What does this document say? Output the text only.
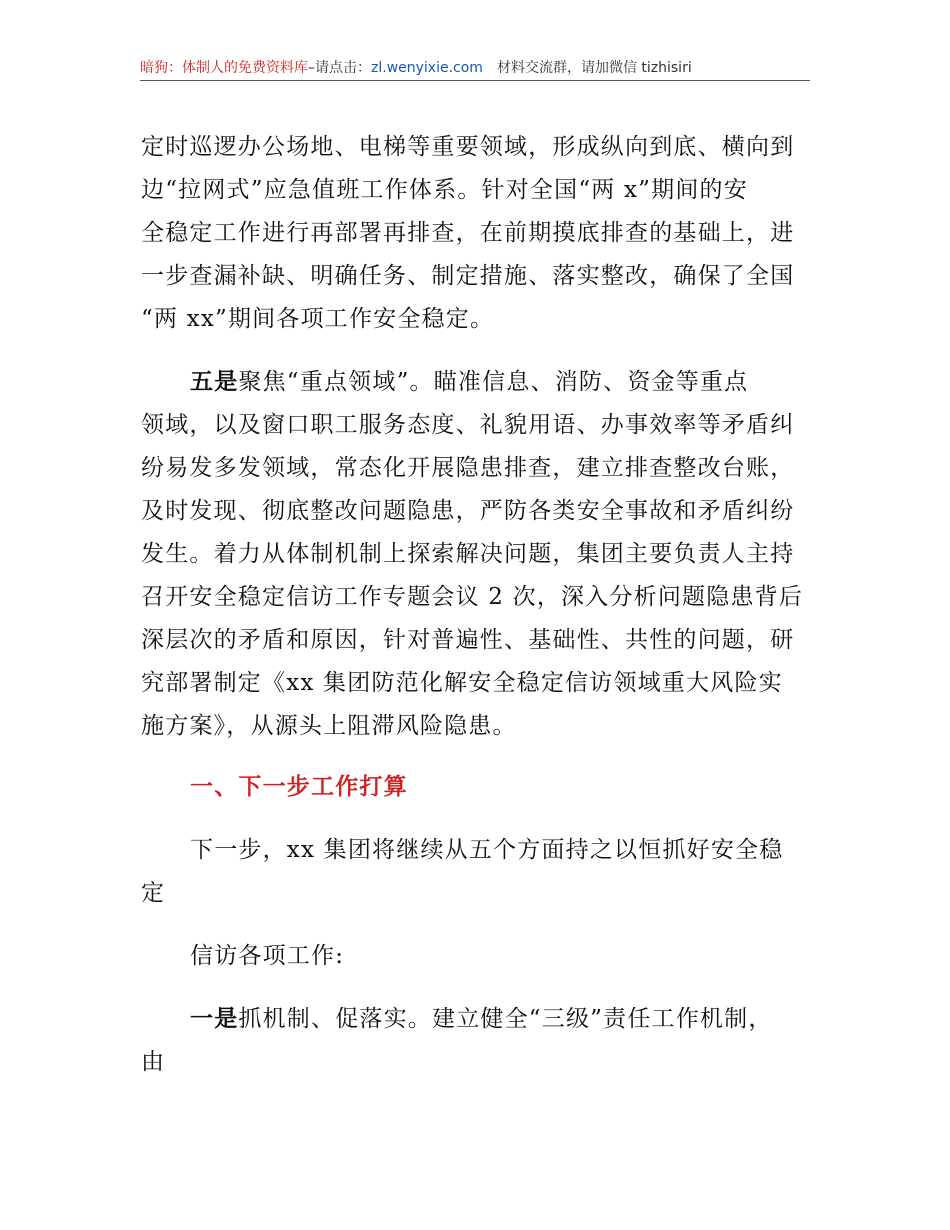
暗狗：体制人的免费资料库–请点击：zl.wenyixie.com 材料交流群，请加微信 tizhisiri

定时巡逻办公场地、电梯等重要领域，形成纵向到底、横向到
边“拉网式”应急值班工作体系。针对全国“两 x”期间的安
全稳定工作进行再部署再排查，在前期摸底排查的基础上，进
一步查漏补缺、明确任务、制定措施、落实整改，确保了全国
“两 xx”期间各项工作安全稳定。

五是聚焦“重点领域”。瞄准信息、消防、资金等重点
领域，以及窗口职工服务态度、礼貌用语、办事效率等矛盾纠
纷易发多发领域，常态化开展隐患排查，建立排查整改台账，
及时发现、彻底整改问题隐患，严防各类安全事故和矛盾纠纷
发生。着力从体制机制上探索解决问题，集团主要负责人主持
召开安全稳定信访工作专题会议 2 次，深入分析问题隐患背后
深层次的矛盾和原因，针对普遍性、基础性、共性的问题，研
究部署制定《xx 集团防范化解安全稳定信访领域重大风险实
施方案》，从源头上阻滞风险隐患。

一、下一步工作打算

下一步，xx 集团将继续从五个方面持之以恒抓好安全稳
定

信访各项工作:

一是抓机制、促落实。建立健全“三级”责任工作机制，
由
